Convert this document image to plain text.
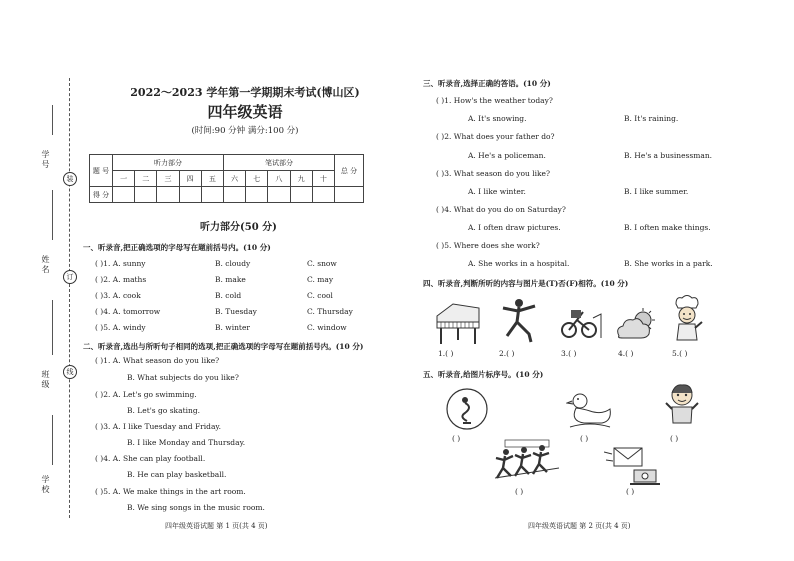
学号
姓名
班级
学校
装
订
线
2022～2023 学年第一学期期末考试(博山区)
四年级英语
(时间:90 分钟 满分:100 分)
题 号	听力部分					笔试部分					总 分
	一	二	三	四	五	六	七	八	九	十	
得 分											
听力部分(50 分)
一、听录音,把正确选项的字母写在题前括号内。(10 分)
( )1. A. sunny	B. cloudy	C. snow
( )2. A. maths	B. make	C. may
( )3. A. cook	B. cold	C. cool
( )4. A. tomorrow	B. Tuesday	C. Thursday
( )5. A. windy	B. winter	C. window
二、听录音,选出与所听句子相同的选项,把正确选项的字母写在题前括号内。(10 分)
( )1. A. What season do you like?
B. What subjects do you like?
( )2. A. Let's go swimming.
B. Let's go skating.
( )3. A. I like Tuesday and Friday.
B. I like Monday and Thursday.
( )4. A. She can play football.
B. He can play basketball.
( )5. A. We make things in the art room.
B. We sing songs in the music room.
四年级英语试题 第 1 页(共 4 页)
三、听录音,选择正确的答语。(10 分)
( )1. How's the weather today?
A. It's snowing.	B. It's raining.
( )2. What does your father do?
A. He's a policeman.	B. He's a businessman.
( )3. What season do you like?
A. I like winter.	B. I like summer.
( )4. What do you do on Saturday?
A. I often draw pictures.	B. I often make things.
( )5. Where does she work?
A. She works in a hospital.	B. She works in a park.
四、听录音,判断所听的内容与图片是(T)否(F)相符。(10 分)
1.( )	2.( )	3.( )	4.( )	5.( )
五、听录音,给图片标序号。(10 分)
( )	( )	( )
( )	( )
四年级英语试题 第 2 页(共 4 页)
